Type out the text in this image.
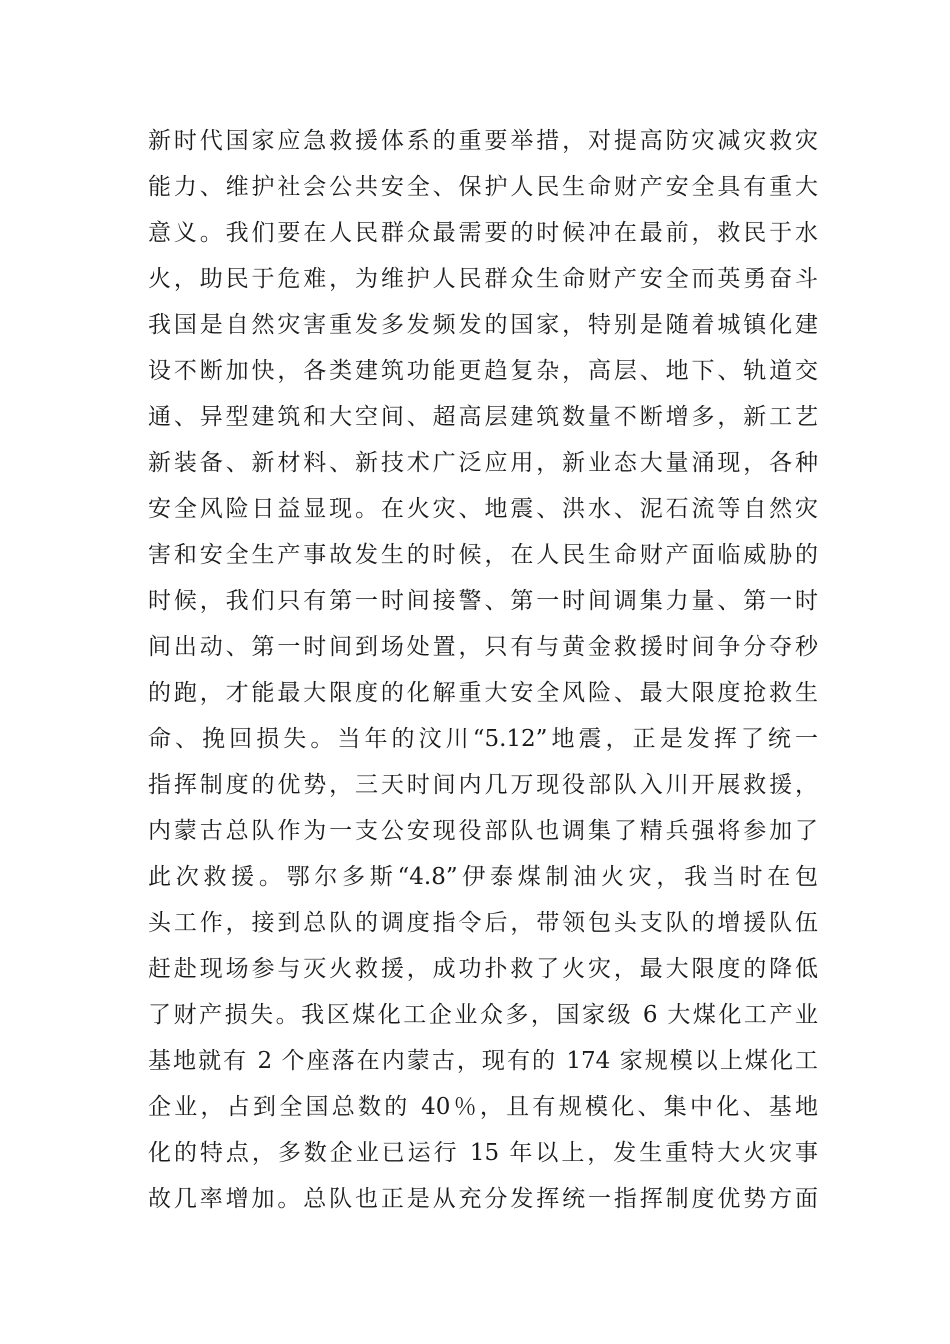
新时代国家应急救援体系的重要举措，对提高防灾减灾救灾
能力、维护社会公共安全、保护人民生命财产安全具有重大
意义。我们要在人民群众最需要的时候冲在最前，救民于水
火，助民于危难，为维护人民群众生命财产安全而英勇奋斗
我国是自然灾害重发多发频发的国家，特别是随着城镇化建
设不断加快，各类建筑功能更趋复杂，高层、地下、轨道交
通、异型建筑和大空间、超高层建筑数量不断增多，新工艺
新装备、新材料、新技术广泛应用，新业态大量涌现，各种
安全风险日益显现。在火灾、地震、洪水、泥石流等自然灾
害和安全生产事故发生的时候，在人民生命财产面临威胁的
时候，我们只有第一时间接警、第一时间调集力量、第一时
间出动、第一时间到场处置，只有与黄金救援时间争分夺秒
的跑，才能最大限度的化解重大安全风险、最大限度抢救生
命、挽回损失。当年的汶川“5.12”地震，正是发挥了统一
指挥制度的优势，三天时间内几万现役部队入川开展救援，
内蒙古总队作为一支公安现役部队也调集了精兵强将参加了
此次救援。鄂尔多斯“4.8”伊泰煤制油火灾，我当时在包
头工作，接到总队的调度指令后，带领包头支队的增援队伍
赶赴现场参与灭火救援，成功扑救了火灾，最大限度的降低
了财产损失。我区煤化工企业众多，国家级 6 大煤化工产业
基地就有 2 个座落在内蒙古，现有的 174 家规模以上煤化工
企业，占到全国总数的 40％，且有规模化、集中化、基地
化的特点，多数企业已运行 15 年以上，发生重特大火灾事
故几率增加。总队也正是从充分发挥统一指挥制度优势方面
